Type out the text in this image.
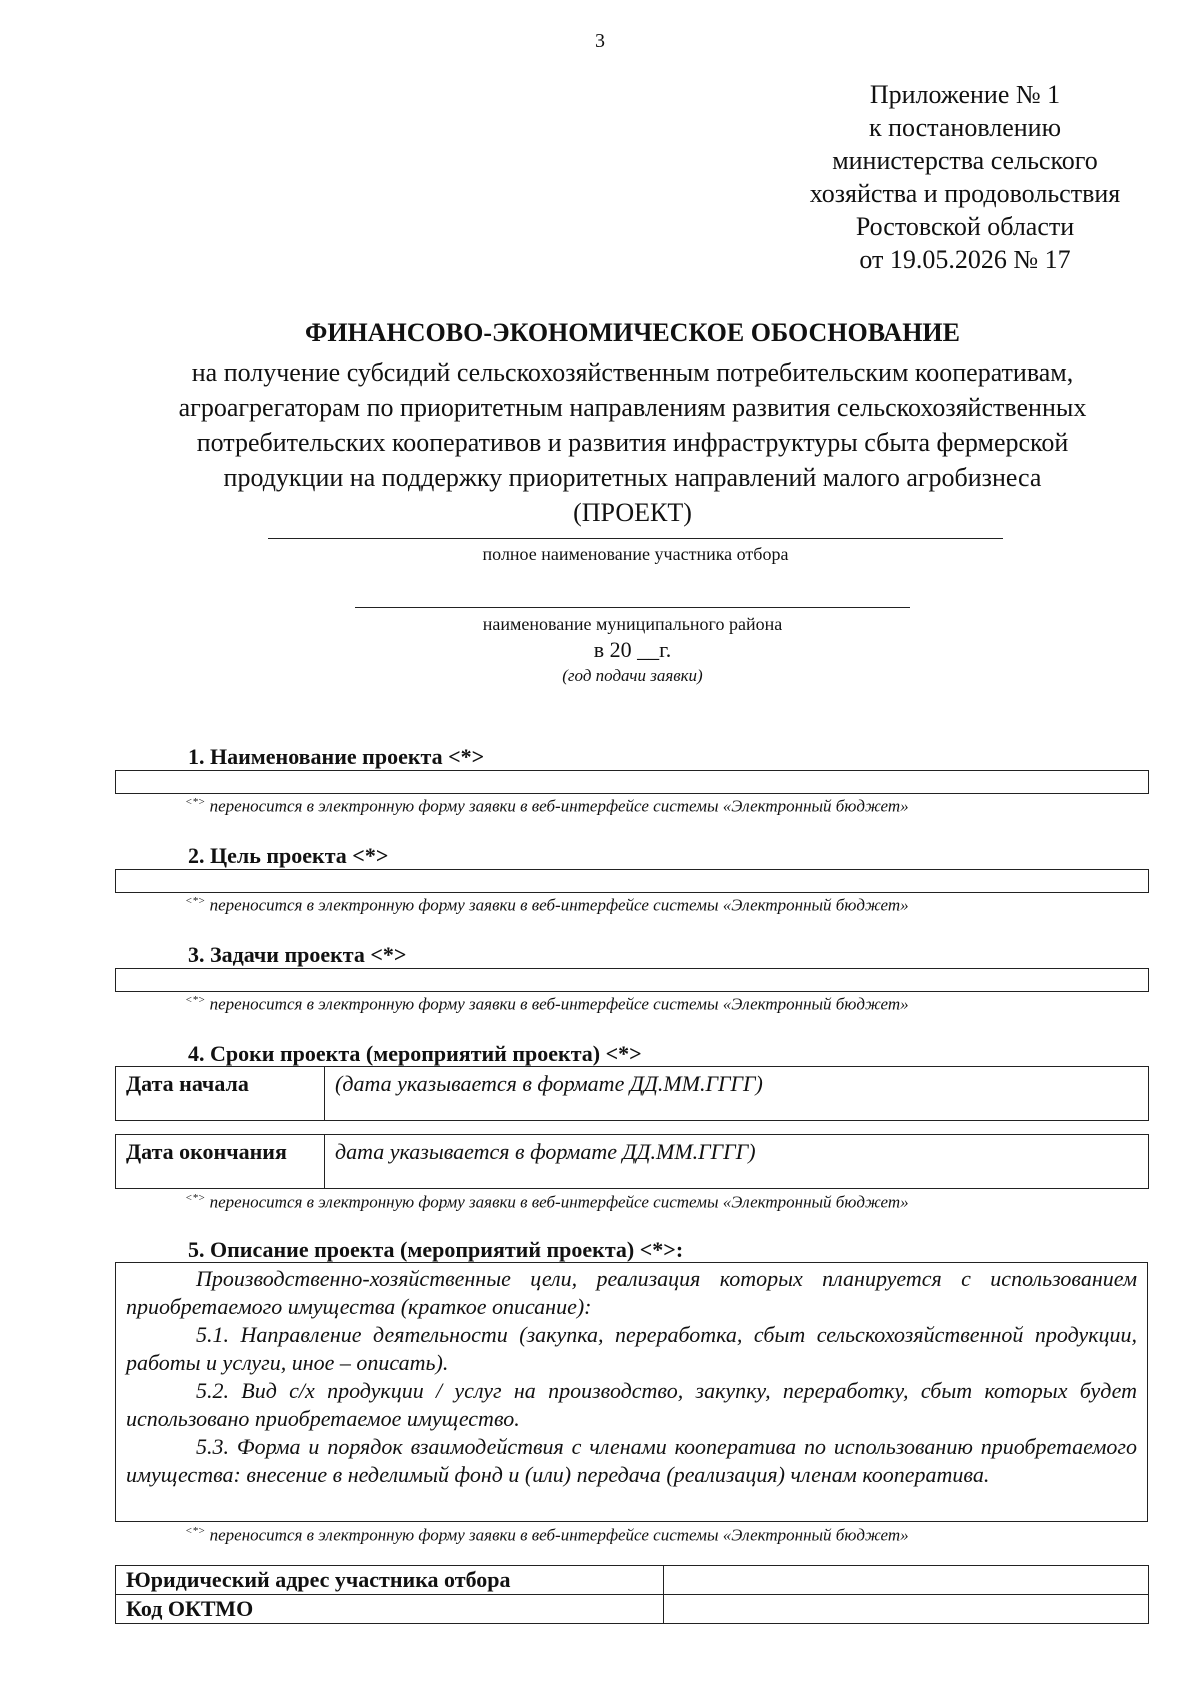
3
Приложение № 1
к постановлению
министерства сельского
хозяйства и продовольствия
Ростовской области
от 19.05.2026 № 17
ФИНАНСОВО-ЭКОНОМИЧЕСКОЕ ОБОСНОВАНИЕ
на получение субсидий сельскохозяйственным потребительским кооперативам,
агроагрегаторам по приоритетным направлениям развития сельскохозяйственных
потребительских кооперативов и развития инфраструктуры сбыта фермерской
продукции на поддержку приоритетных направлений малого агробизнеса
(ПРОЕКТ)
полное наименование участника отбора
наименование муниципального района
в 20 __г.
(год подачи заявки)
1. Наименование проекта <*>
<*> переносится в электронную форму заявки в веб-интерфейсе системы «Электронный бюджет»
2. Цель проекта <*>
<*> переносится в электронную форму заявки в веб-интерфейсе системы «Электронный бюджет»
3. Задачи проекта <*>
<*> переносится в электронную форму заявки в веб-интерфейсе системы «Электронный бюджет»
4. Сроки проекта (мероприятий проекта) <*>
Дата начала	(дата указывается в формате ДД.ММ.ГГГГ)
Дата окончания	дата указывается в формате ДД.ММ.ГГГГ)
<*> переносится в электронную форму заявки в веб-интерфейсе системы «Электронный бюджет»
5. Описание проекта (мероприятий проекта) <*>:

Производственно-хозяйственные цели, реализация которых планируется с использованием приобретаемого имущества (краткое описание):

5.1. Направление деятельности (закупка, переработка, сбыт сельскохозяйственной продукции, работы и услуги, иное – описать).

5.2. Вид с/х продукции / услуг на производство, закупку, переработку, сбыт которых будет использовано приобретаемое имущество.

5.3. Форма и порядок взаимодействия с членами кооператива по использованию приобретаемого имущества: внесение в неделимый фонд и (или) передача (реализация) членам кооператива.

<*> переносится в электронную форму заявки в веб-интерфейсе системы «Электронный бюджет»
Юридический адрес участника отбора	
Код ОКТМО	
